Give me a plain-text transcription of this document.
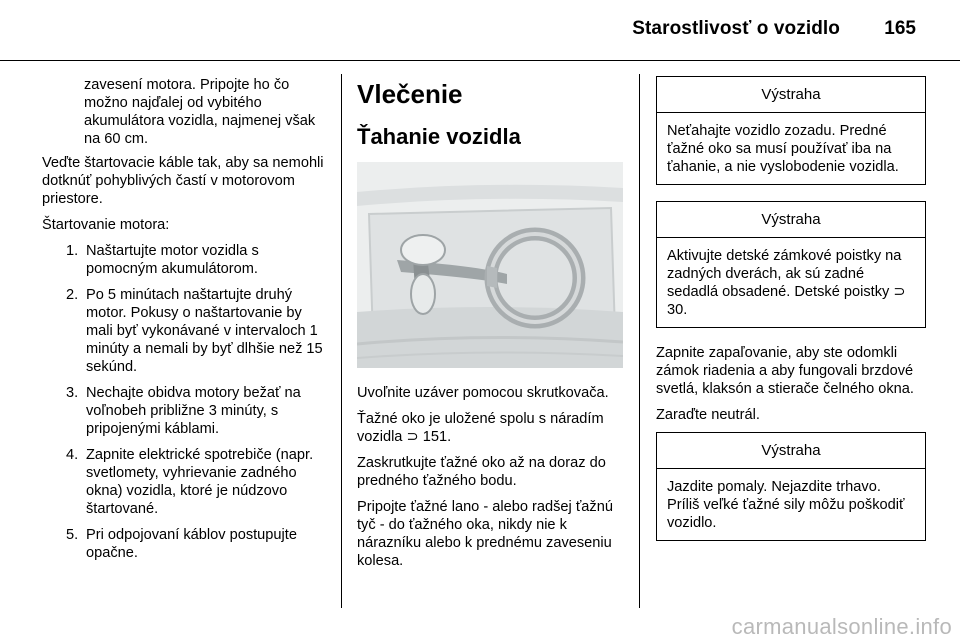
Starostlivosť o vozidlo 165

zavesení motora. Pripojte ho čo možno najďalej od vybitého akumulátora vozidla, najmenej však na 60 cm.

Veďte štartovacie káble tak, aby sa nemohli dotknúť pohyblivých častí v motorovom priestore.

Štartovanie motora:

1. Naštartujte motor vozidla s pomocným akumulátorom.
2. Po 5 minútach naštartujte druhý motor. Pokusy o naštartovanie by mali byť vykonávané v intervaloch 1 minúty a nemali by byť dlhšie než 15 sekúnd.
3. Nechajte obidva motory bežať na voľnobeh približne 3 minúty, s pripojenými káblami.
4. Zapnite elektrické spotrebiče (napr. svetlomety, vyhrievanie zadného okna) vozidla, ktoré je núdzovo štartované.
5. Pri odpojovaní káblov postupujte opačne.
Vlečenie
Ťahanie vozidla

Uvoľnite uzáver pomocou skrutkovača.

Ťažné oko je uložené spolu s náradím vozidla ⊃ 151.

Zaskrutkujte ťažné oko až na doraz do predného ťažného bodu.

Pripojte ťažné lano - alebo radšej ťažnú tyč - do ťažného oka, nikdy nie k nárazníku alebo k prednému zaveseniu kolesa.

Výstraha
Neťahajte vozidlo zozadu. Predné ťažné oko sa musí používať iba na ťahanie, a nie vyslobodenie vozidla.
Výstraha
Aktivujte detské zámkové poistky na zadných dverách, ak sú zadné sedadlá obsadené. Detské poistky ⊃ 30.

Zapnite zapaľovanie, aby ste odomkli zámok riadenia a aby fungovali brzdové svetlá, klaksón a stierače čelného okna.

Zaraďte neutrál.

Výstraha
Jazdite pomaly. Nejazdite trhavo. Príliš veľké ťažné sily môžu poškodiť vozidlo.
carmanualsonline.info
